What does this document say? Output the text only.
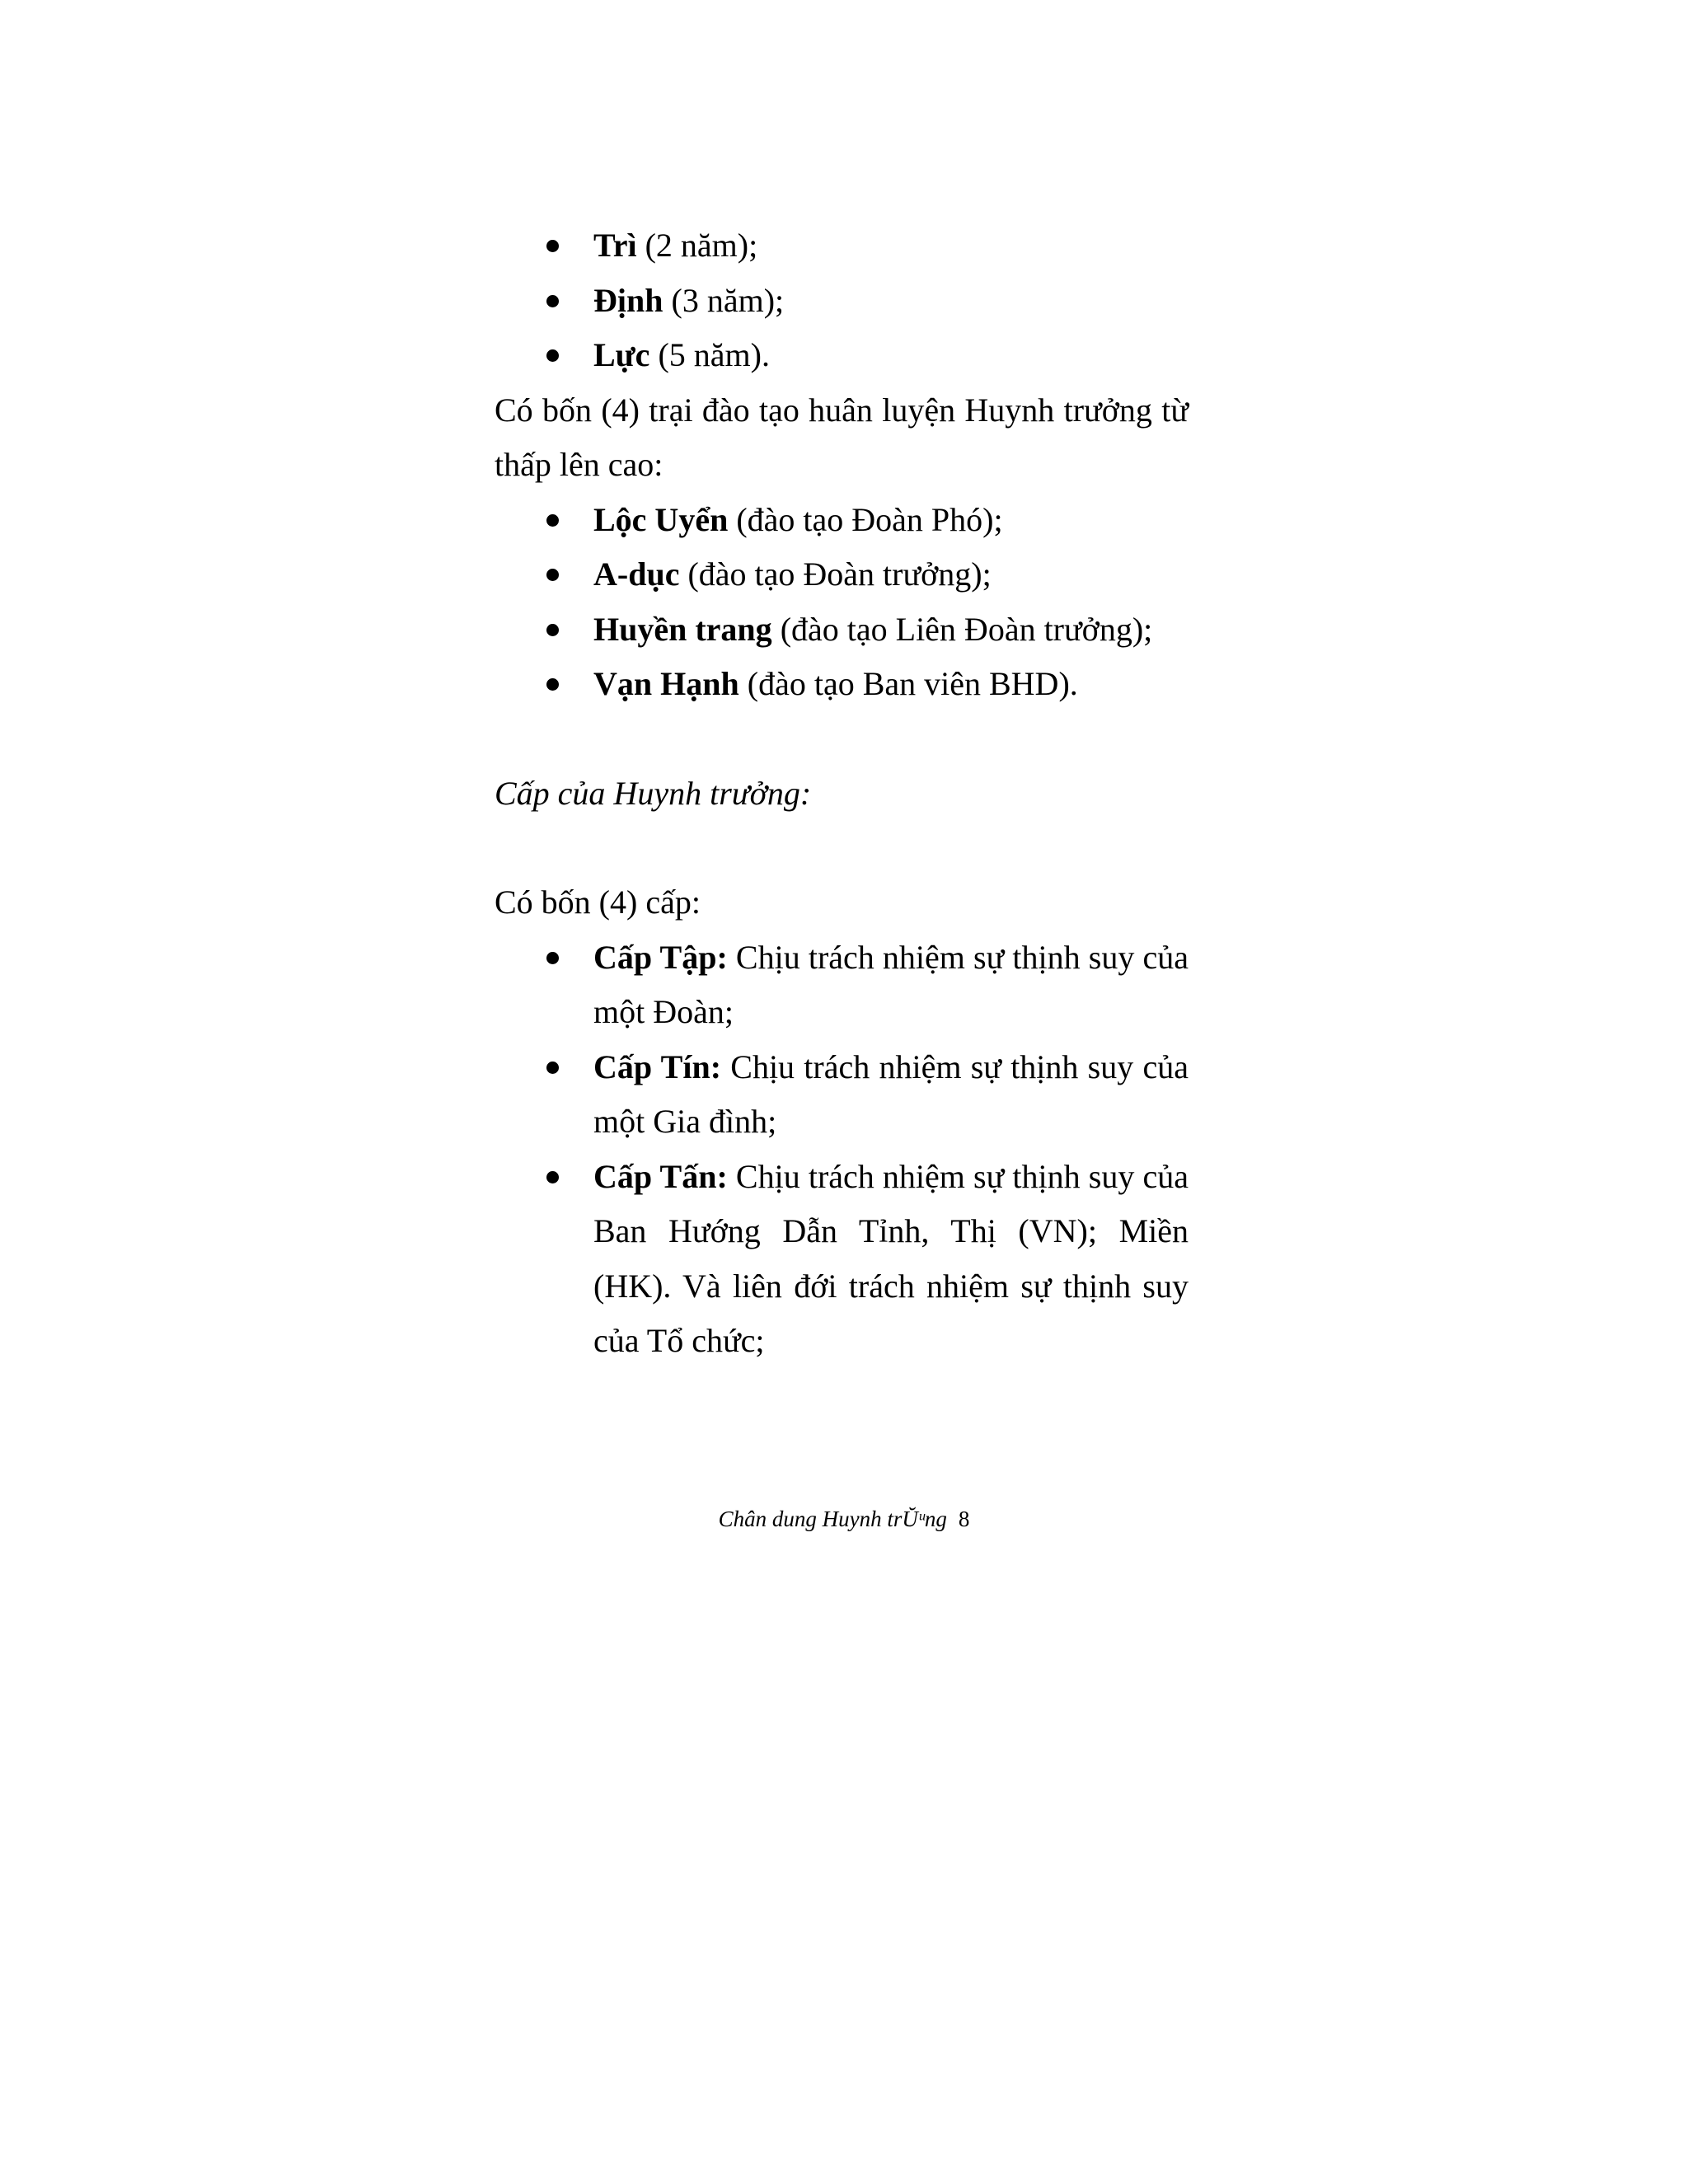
Trì (2 năm);
Định (3 năm);
Lực (5 năm).

Có bốn (4) trại đào tạo huân luyện Huynh trưởng từ thấp lên cao:

Lộc Uyển (đào tạo Đoàn Phó);
A-dục (đào tạo Đoàn trưởng);
Huyền trang (đào tạo Liên Đoàn trưởng);
Vạn Hạnh (đào tạo Ban viên BHD).

Cấp của Huynh trưởng:

Có bốn (4) cấp:

Cấp Tập: Chịu trách nhiệm sự thịnh suy của một Đoàn;
Cấp Tín: Chịu trách nhiệm sự thịnh suy của một Gia đình;
Cấp Tấn: Chịu trách nhiệm sự thịnh suy của Ban Hướng Dẫn Tỉnh, Thị (VN); Miền (HK). Và liên đới trách nhiệm sự thịnh suy của Tổ chức;
Chân dung Huynh trŬᵘng 8
